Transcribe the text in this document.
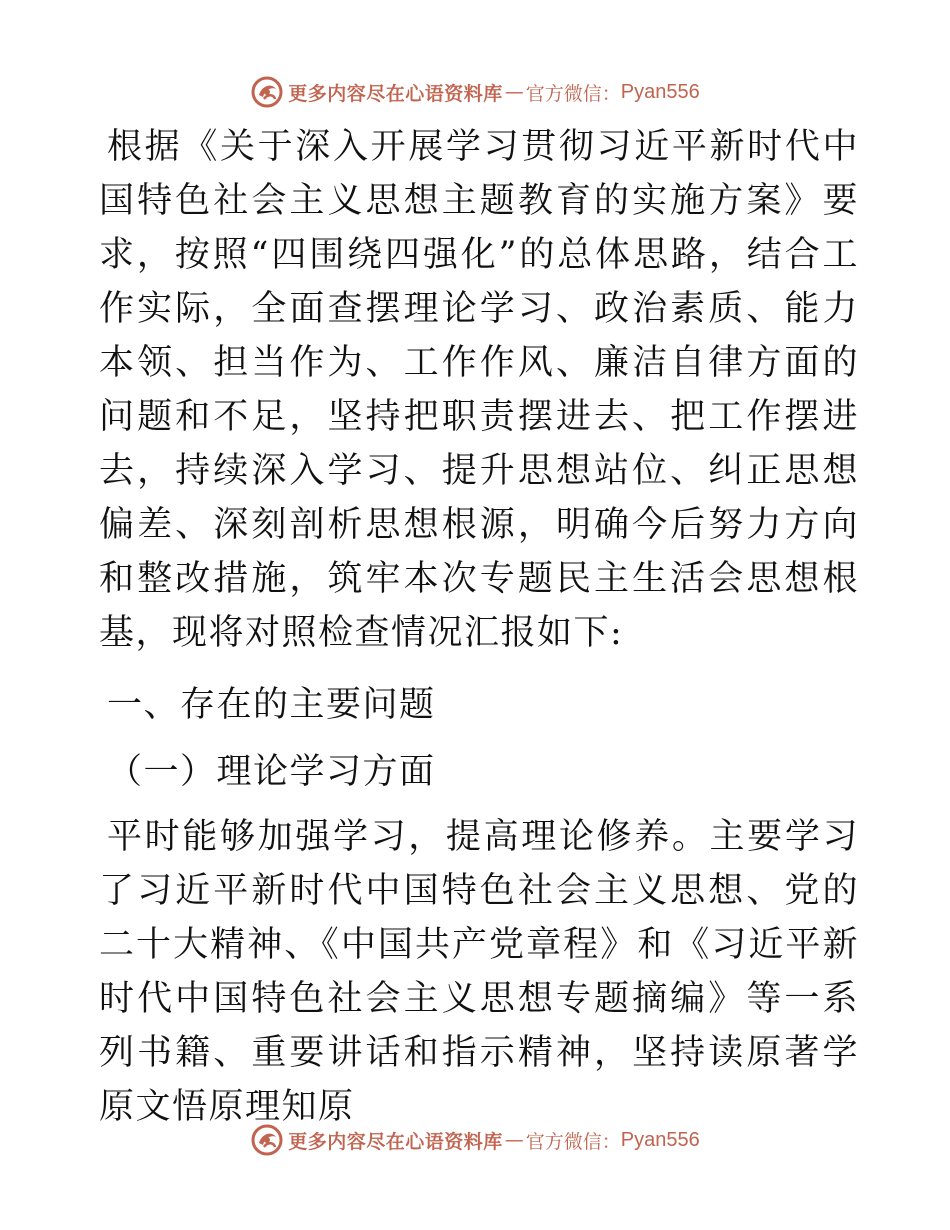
更多内容尽在心语资料库 — 官方微信： Pyan556

根据《关于深入开展学习贯彻习近平新时代中国特色社会主义思想主题教育的实施方案》要求，按照“四围绕四强化”的总体思路，结合工作实际，全面查摆理论学习、政治素质、能力本领、担当作为、工作作风、廉洁自律方面的问题和不足，坚持把职责摆进去、把工作摆进去，持续深入学习、提升思想站位、纠正思想偏差、深刻剖析思想根源，明确今后努力方向和整改措施，筑牢本次专题民主生活会思想根基，现将对照检查情况汇报如下:

一、存在的主要问题

（一）理论学习方面

平时能够加强学习，提高理论修养。主要学习了习近平新时代中国特色社会主义思想、党的二十大精神、《中国共产党章程》和《习近平新时代中国特色社会主义思想专题摘编》等一系列书籍、重要讲话和指示精神，坚持读原著学原文悟原理知原

更多内容尽在心语资料库 — 官方微信： Pyan556
